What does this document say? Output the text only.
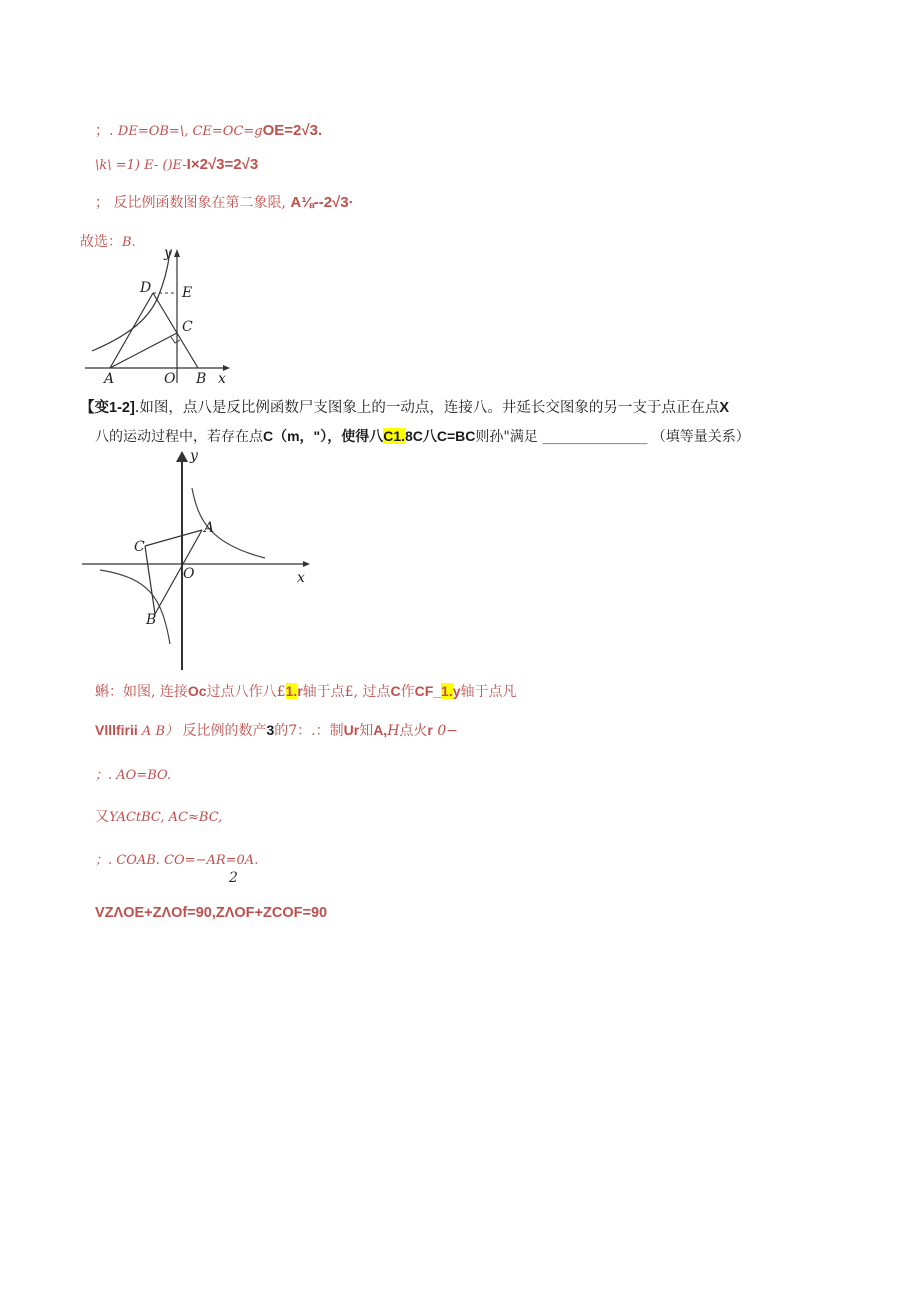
；. DE=OB=\, CE=OC=gOE=2√3.
\k\ =1) E- ()E-I×2√3=2√3
； 反比例函数图象在第二象限, A⅛--2√3∙
故选：B.
y
D E
C
A	O B x
【变1-2].如图，点八是反比例函数尸支图象上的一动点，连接八。井延长交图象的另一支于点正在点X
八的运动过程中，若存在点C（m，"），使得八C1.8C八C=BC则孙"满足 _______________ （填等量关系）
y
A
C
O	x
B
蝌：如图, 连接Oc过点八作八£1.r轴于点£, 过点C作CF_1.y轴于点凡
Vlllfirii A B） 反比例的数产3的7：.：制Ur知A,H点火r 0−
；. AO=BO.
又YACtBC, AC≈BC,
；. COAB. CO=−AR=0A.
2
VZΛOE+ZΛOf=90,ZΛOF+ZCOF=90
